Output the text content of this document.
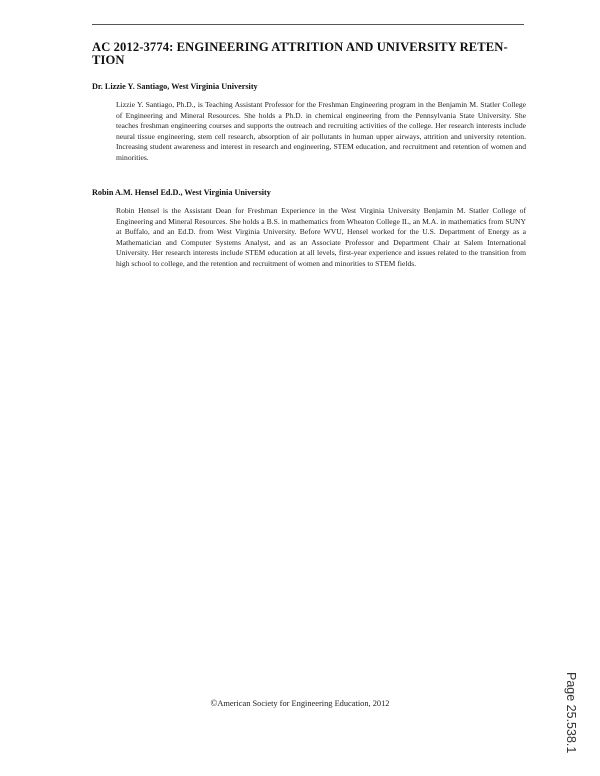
AC 2012-3774: ENGINEERING ATTRITION AND UNIVERSITY RETEN-
TION

Dr. Lizzie Y. Santiago, West Virginia University

Lizzie Y. Santiago, Ph.D., is Teaching Assistant Professor for the Freshman Engineering program in the Benjamin M. Statler College of Engineering and Mineral Resources. She holds a Ph.D. in chemical engineering from the Pennsylvania State University. She teaches freshman engineering courses and supports the outreach and recruiting activities of the college. Her research interests include neural tissue engineering, stem cell research, absorption of air pollutants in human upper airways, attrition and university retention. Increasing student awareness and interest in research and engineering, STEM education, and recruitment and retention of women and minorities.

Robin A.M. Hensel Ed.D., West Virginia University

Robin Hensel is the Assistant Dean for Freshman Experience in the West Virginia University Benjamin M. Statler College of Engineering and Mineral Resources. She holds a B.S. in mathematics from Wheaton College IL, an M.A. in mathematics from SUNY at Buffalo, and an Ed.D. from West Virginia University. Before WVU, Hensel worked for the U.S. Department of Energy as a Mathematician and Computer Systems Analyst, and as an Associate Professor and Department Chair at Salem International University. Her research interests include STEM education at all levels, first-year experience and issues related to the transition from high school to college, and the retention and recruitment of women and minorities to STEM fields.

©American Society for Engineering Education, 2012	Page 25.538.1
